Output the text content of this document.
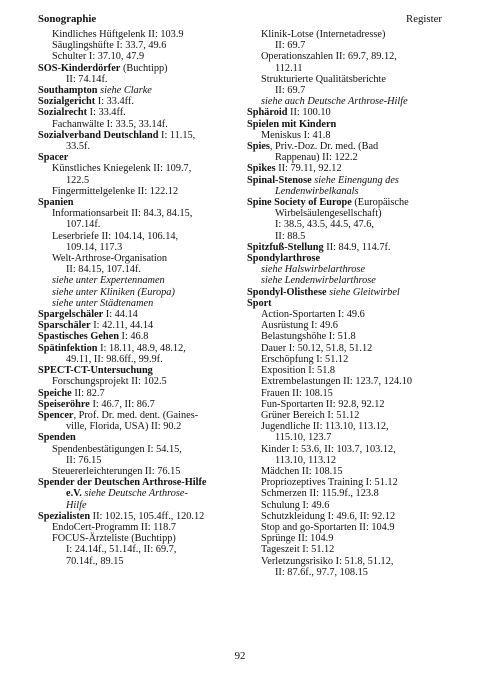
Sonographie	Register
Kindliches Hüftgelenk II: 103.9
Säuglingshüfte I: 33.7, 49.6
Schulter I: 37.10, 47.9
SOS-Kinderdörfer (Buchtipp)
II: 74.14f.
Southampton siehe Clarke
Sozialgericht I: 33.4ff.
Sozialrecht I: 33.4ff.
Fachanwälte I: 33.5, 33.14f.
Sozialverband Deutschland I: 11.15,
33.5f.
Spacer
Künstliches Kniegelenk II: 109.7,
122.5
Fingermittelgelenke II: 122.12
Spanien
Informationsarbeit II: 84.3, 84.15,
107.14f.
Leserbriefe II: 104.14, 106.14,
109.14, 117.3
Welt-Arthrose-Organisation
II: 84.15, 107.14f.
siehe unter Expertennamen
siehe unter Kliniken (Europa)
siehe unter Städtenamen
Spargelschäler I: 44.14
Sparschäler I: 42.11, 44.14
Spastisches Gehen I: 46.8
Spätinfektion I: 18.11, 48.9, 48.12,
49.11, II: 98.6ff., 99.9f.
SPECT-CT-Untersuchung
Forschungsprojekt II: 102.5
Speiche II: 82.7
Speiseröhre I: 46.7, II: 86.7
Spencer, Prof. Dr. med. dent. (Gaines-
ville, Florida, USA) II: 90.2
Spenden
Spendenbestätigungen I: 54.15,
II: 76.15
Steuererleichterungen II: 76.15
Spender der Deutschen Arthrose-Hilfe
e.V. siehe Deutsche Arthrose-
Hilfe
Spezialisten II: 102.15, 105.4ff., 120.12
EndoCert-Programm II: 118.7
FOCUS-Ärzteliste (Buchtipp)
I: 24.14f., 51.14f., II: 69.7,
70.14f., 89.15
Klinik-Lotse (Internetadresse)
II: 69.7
Operationszahlen II: 69.7, 89.12,
112.11
Strukturierte Qualitätsberichte
II: 69.7
siehe auch Deutsche Arthrose-Hilfe
Sphäroid II: 100.10
Spielen mit Kindern
Meniskus I: 41.8
Spies, Priv.-Doz. Dr. med. (Bad
Rappenau) II: 122.2
Spikes II: 79.11, 92.12
Spinal-Stenose siehe Einengung des
Lendenwirbelkanals
Spine Society of Europe (Europäische
Wirbelsäulengesellschaft)
I: 38.5, 43.5, 44.5, 47.6,
II: 88.5
Spitzfuß-Stellung II: 84.9, 114.7f.
Spondylarthrose
siehe Halswirbelarthrose
siehe Lendenwirbelarthrose
Spondyl-Olisthese siehe Gleitwirbel
Sport
Action-Sportarten I: 49.6
Ausrüstung I: 49.6
Belastungshöhe I: 51.8
Dauer I: 50.12, 51.8, 51.12
Erschöpfung I: 51.12
Exposition I: 51.8
Extrembelastungen II: 123.7, 124.10
Frauen II: 108.15
Fun-Sportarten II: 92.8, 92.12
Grüner Bereich I: 51.12
Jugendliche II: 113.10, 113.12,
115.10, 123.7
Kinder I: 53.6, II: 103.7, 103.12,
113.10, 113.12
Mädchen II: 108.15
Propriozeptives Training I: 51.12
Schmerzen II: 115.9f., 123.8
Schulung I: 49.6
Schutzkleidung I: 49.6, II: 92.12
Stop and go-Sportarten II: 104.9
Sprünge II: 104.9
Tageszeit I: 51.12
Verletzungsrisiko I: 51.8, 51.12,
II: 87.6f., 97.7, 108.15
92
